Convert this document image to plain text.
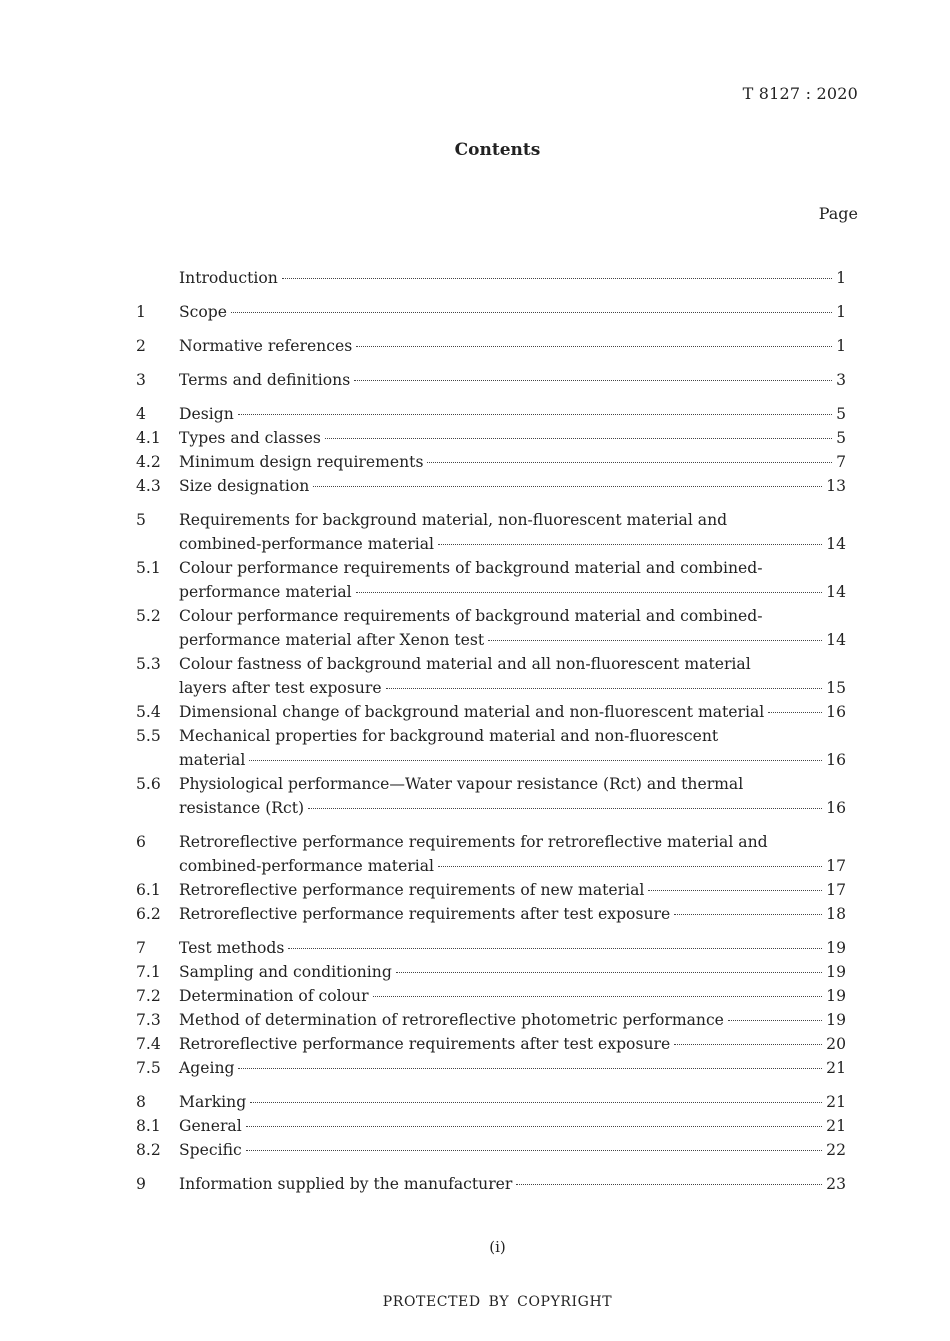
T 8127 : 2020
Contents
Page
Introduction	1
1	Scope	1
2	Normative references	1
3	Terms and definitions	3
4	Design	5
4.1	Types and classes	5
4.2	Minimum design requirements	7
4.3	Size designation	13
5	Requirements for background material, non-fluorescent material and
combined-performance material	14
5.1	Colour performance requirements of background material and combined-
performance material	14
5.2	Colour performance requirements of background material and combined-
performance material after Xenon test	14
5.3	Colour fastness of background material and all non-fluorescent material
layers after test exposure	15
5.4	Dimensional change of background material and non-fluorescent material	16
5.5	Mechanical properties for background material and non-fluorescent
material	16
5.6	Physiological performance—Water vapour resistance (Rct) and thermal
resistance (Rct)	16
6	Retroreflective performance requirements for retroreflective material and
combined-performance material	17
6.1	Retroreflective performance requirements of new material	17
6.2	Retroreflective performance requirements after test exposure	18
7	Test methods	19
7.1	Sampling and conditioning	19
7.2	Determination of colour	19
7.3	Method of determination of retroreflective photometric performance	19
7.4	Retroreflective performance requirements after test exposure	20
7.5	Ageing	21
8	Marking	21
8.1	General	21
8.2	Specific	22
9	Information supplied by the manufacturer	23
(i)
PROTECTED BY COPYRIGHT
